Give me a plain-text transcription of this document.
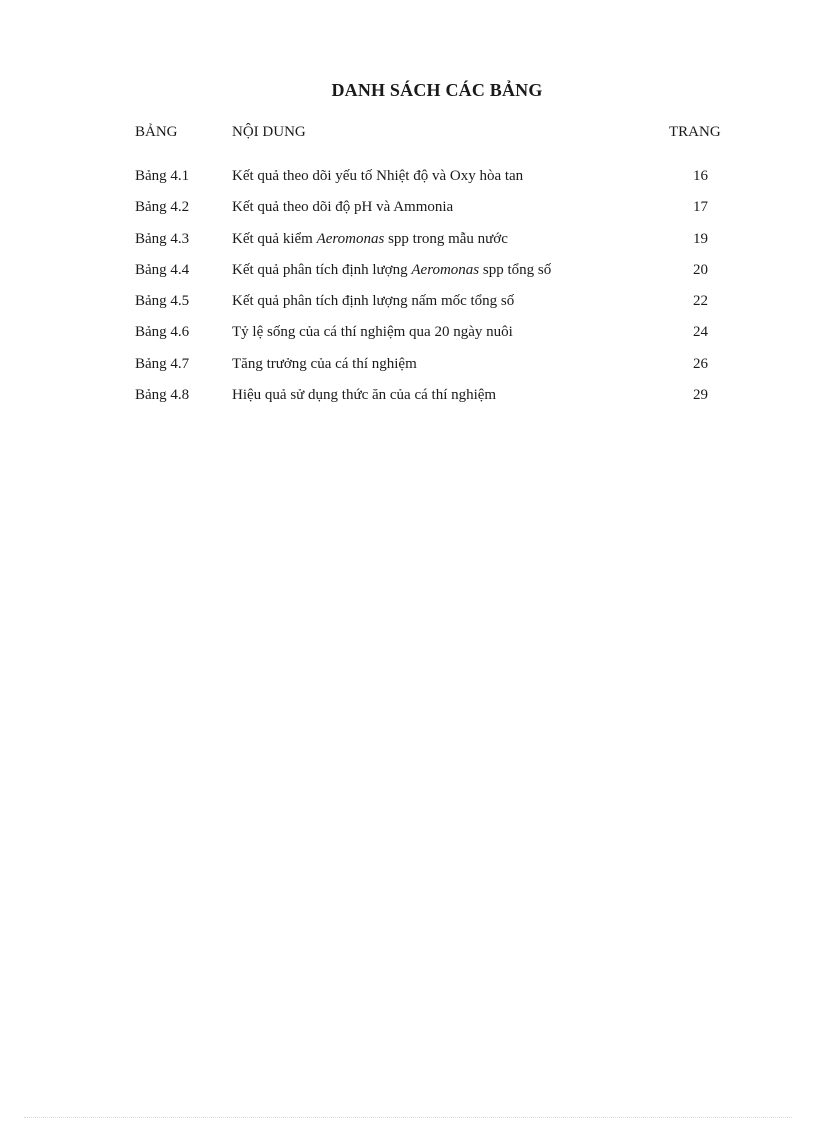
DANH SÁCH CÁC BẢNG
BẢNG	NỘI DUNG	TRANG
Bảng 4.1	Kết quả theo dõi yếu tố Nhiệt độ và Oxy hòa tan	16
Bảng 4.2	Kết quả theo dõi độ pH và Ammonia	17
Bảng 4.3	Kết quả kiểm Aeromonas spp trong mẫu nước	19
Bảng 4.4	Kết quả phân tích định lượng Aeromonas spp tổng số	20
Bảng 4.5	Kết quả phân tích định lượng nấm mốc tổng số	22
Bảng 4.6	Tỷ lệ sống của cá thí nghiệm qua 20 ngày nuôi	24
Bảng 4.7	Tăng trưởng của cá thí nghiệm	26
Bảng 4.8	Hiệu quả sử dụng thức ăn của cá thí nghiệm	29
